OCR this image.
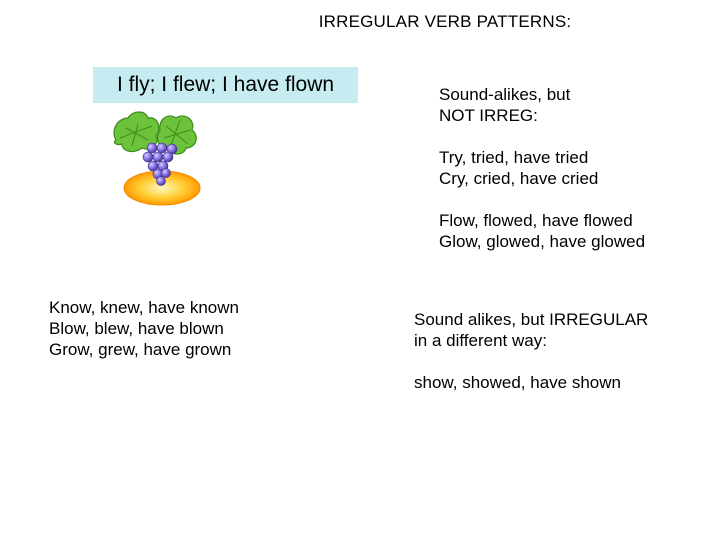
IRREGULAR VERB PATTERNS:
I fly; I flew; I have flown	Sound-alikes, but
NOT IRREG:
Try, tried, have tried
Cry, cried, have cried
Flow, flowed, have flowed
Glow, glowed, have glowed
Know, knew, have known
Blow, blew, have blown
Grow, grew, have grown
Sound alikes, but IRREGULAR
in a different way:
show, showed, have shown
